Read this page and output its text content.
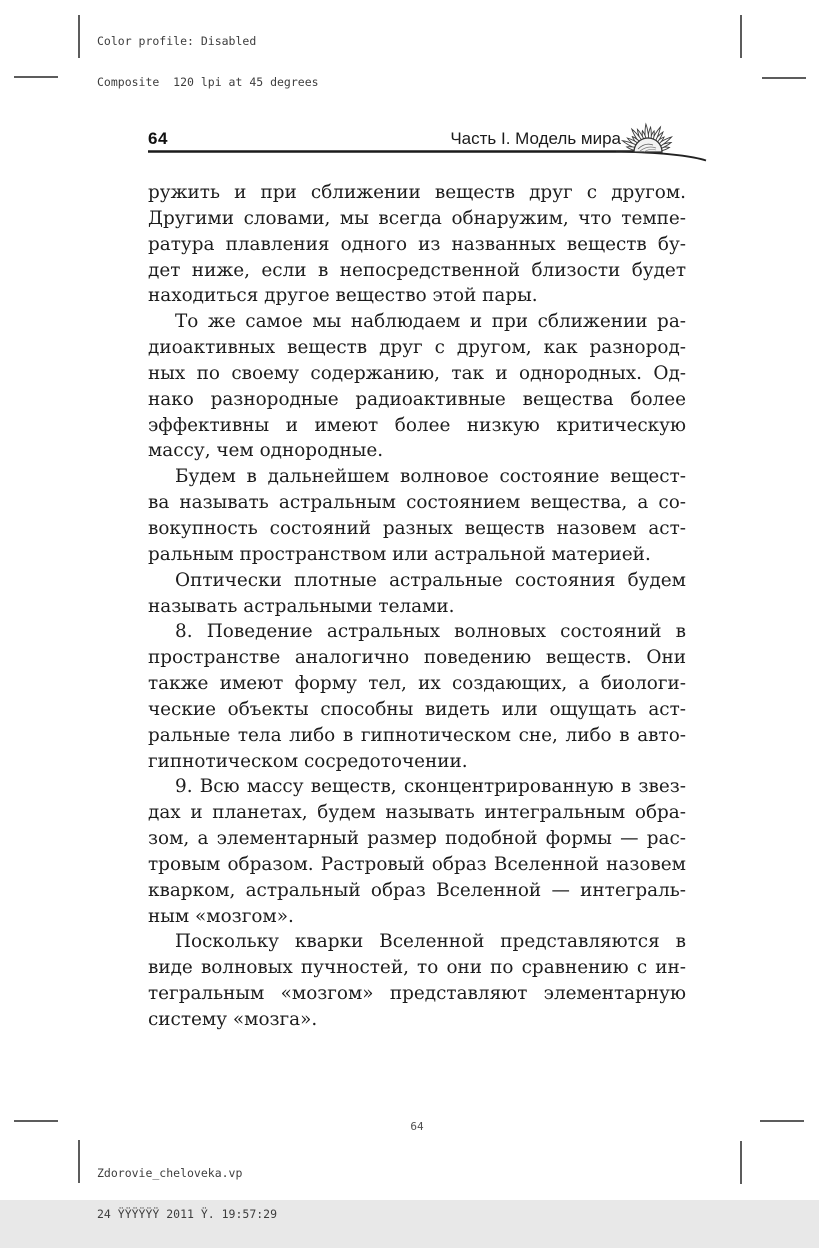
Color profile: Disabled

Composite  120 lpi at 45 degrees

64	Часть I. Модель мира
ружить и при сближении веществ друг с другом.
Другими словами, мы всегда обнаружим, что темпе-
ратура плавления одного из названных веществ бу-
дет ниже, если в непосредственной близости будет
находиться другое вещество этой пары.
То же самое мы наблюдаем и при сближении ра-
диоактивных веществ друг с другом, как разнород-
ных по своему содержанию, так и однородных. Од-
нако разнородные радиоактивные вещества более
эффективны и имеют более низкую критическую
массу, чем однородные.
Будем в дальнейшем волновое состояние вещест-
ва называть астральным состоянием вещества, а со-
вокупность состояний разных веществ назовем аст-
ральным пространством или астральной материей.
Оптически плотные астральные состояния будем
называть астральными телами.
8. Поведение астральных волновых состояний в
пространстве аналогично поведению веществ. Они
также имеют форму тел, их создающих, а биологи-
ческие объекты способны видеть или ощущать аст-
ральные тела либо в гипнотическом сне, либо в авто-
гипнотическом сосредоточении.
9. Всю массу веществ, сконцентрированную в звез-
дах и планетах, будем называть интегральным обра-
зом, а элементарный размер подобной формы — рас-
тровым образом. Растровый образ Вселенной назовем
кварком, астральный образ Вселенной — интеграль-
ным «мозгом».
Поскольку кварки Вселенной представляются в
виде волновых пучностей, то они по сравнению с ин-
тегральным «мозгом» представляют элементарную
систему «мозга».
64

Zdorovie_cheloveka.vp

24 ŸŸŸŸŸŸ 2011 Ÿ. 19:57:29
